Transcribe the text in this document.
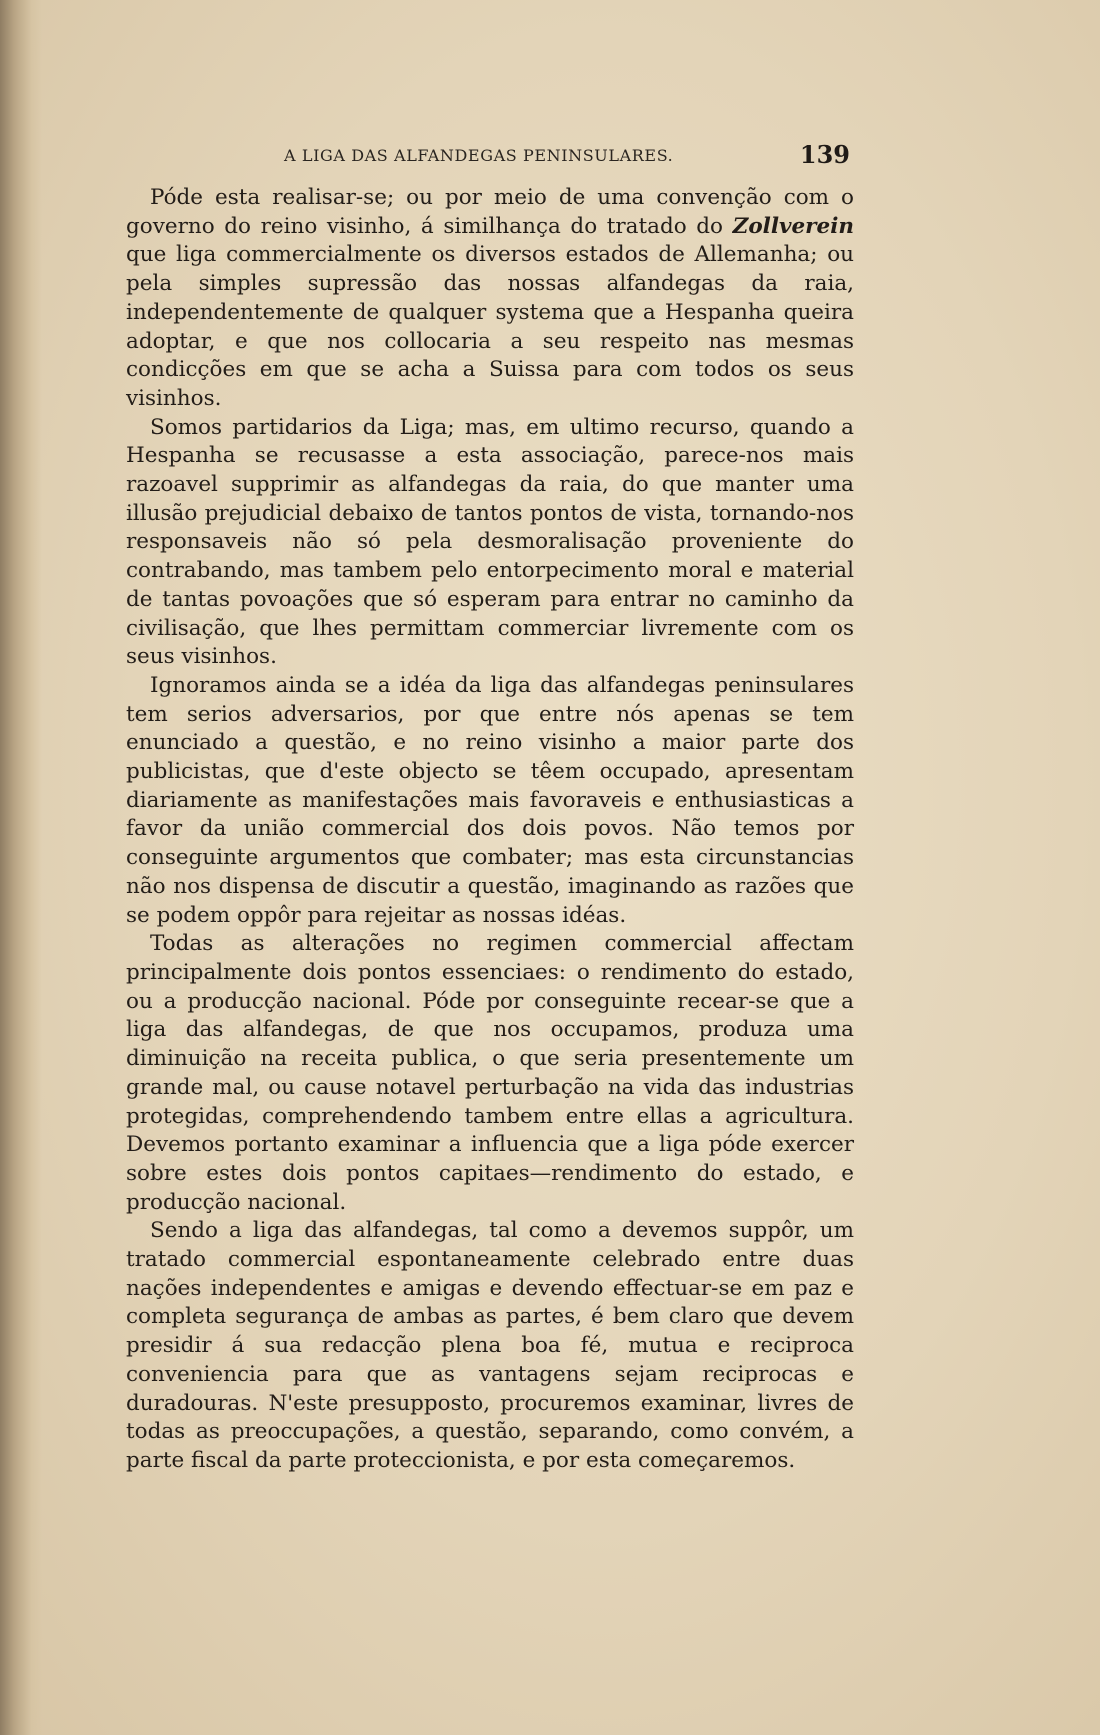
A LIGA DAS ALFANDEGAS PENINSULARES.	139

Póde esta realisar-se; ou por meio de uma convenção com o governo do reino visinho, á similhança do tratado do Zollverein que liga commercialmente os diversos estados de Allemanha; ou pela simples supressão das nossas alfandegas da raia, independentemente de qualquer systema que a Hespanha queira adoptar, e que nos collocaria a seu respeito nas mesmas condicções em que se acha a Suissa para com todos os seus visinhos.

Somos partidarios da Liga; mas, em ultimo recurso, quando a Hespanha se recusasse a esta associação, parece-nos mais razoavel supprimir as alfandegas da raia, do que manter uma illusão prejudicial debaixo de tantos pontos de vista, tornando-nos responsaveis não só pela desmoralisação proveniente do contrabando, mas tambem pelo entorpecimento moral e material de tantas povoações que só esperam para entrar no caminho da civilisação, que lhes permittam commerciar livremente com os seus visinhos.

Ignoramos ainda se a idéa da liga das alfandegas peninsulares tem serios adversarios, por que entre nós apenas se tem enunciado a questão, e no reino visinho a maior parte dos publicistas, que d'este objecto se têem occupado, apresentam diariamente as manifestações mais favoraveis e enthusiasticas a favor da união commercial dos dois povos. Não temos por conseguinte argumentos que combater; mas esta circunstancias não nos dispensa de discutir a questão, imaginando as razões que se podem oppôr para rejeitar as nossas idéas.

Todas as alterações no regimen commercial affectam principalmente dois pontos essenciaes: o rendimento do estado, ou a producção nacional. Póde por conseguinte recear-se que a liga das alfandegas, de que nos occupamos, produza uma diminuição na receita publica, o que seria presentemente um grande mal, ou cause notavel perturbação na vida das industrias protegidas, comprehendendo tambem entre ellas a agricultura. Devemos portanto examinar a influencia que a liga póde exercer sobre estes dois pontos capitaes—rendimento do estado, e producção nacional.

Sendo a liga das alfandegas, tal como a devemos suppôr, um tratado commercial espontaneamente celebrado entre duas nações independentes e amigas e devendo effectuar-se em paz e completa segurança de ambas as partes, é bem claro que devem presidir á sua redacção plena boa fé, mutua e reciproca conveniencia para que as vantagens sejam reciprocas e duradouras. N'este presupposto, procuremos examinar, livres de todas as preoccupações, a questão, separando, como convém, a parte fiscal da parte proteccionista, e por esta começaremos.
